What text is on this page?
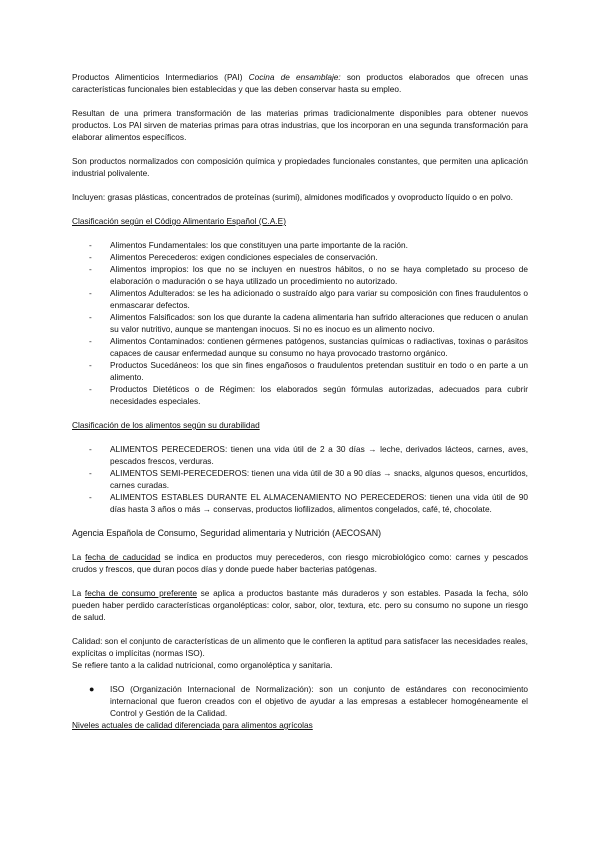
Productos Alimenticios Intermediarios (PAI) Cocina de ensamblaje: son productos elaborados que ofrecen unas características funcionales bien establecidas y que las deben conservar hasta su empleo.

Resultan de una primera transformación de las materias primas tradicionalmente disponibles para obtener nuevos productos. Los PAI sirven de materias primas para otras industrias, que los incorporan en una segunda transformación para elaborar alimentos específicos.

Son productos normalizados con composición química y propiedades funcionales constantes, que permiten una aplicación industrial polivalente.

Incluyen: grasas plásticas, concentrados de proteínas (surimi), almidones modificados y ovoproducto líquido o en polvo.

Clasificación según el Código Alimentario Español (C.A.E)

- Alimentos Fundamentales: los que constituyen una parte importante de la ración.
- Alimentos Perecederos: exigen condiciones especiales de conservación.
- Alimentos impropios: los que no se incluyen en nuestros hábitos, o no se haya completado su proceso de elaboración o maduración o se haya utilizado un procedimiento no autorizado.
- Alimentos Adulterados: se les ha adicionado o sustraído algo para variar su composición con fines fraudulentos o enmascarar defectos.
- Alimentos Falsificados: son los que durante la cadena alimentaria han sufrido alteraciones que reducen o anulan su valor nutritivo, aunque se mantengan inocuos. Si no es inocuo es un alimento nocivo.
- Alimentos Contaminados: contienen gérmenes patógenos, sustancias químicas o radiactivas, toxinas o parásitos capaces de causar enfermedad aunque su consumo no haya provocado trastorno orgánico.
- Productos Sucedáneos: los que sin fines engañosos o fraudulentos pretendan sustituir en todo o en parte a un alimento.
- Productos Dietéticos o de Régimen: los elaborados según fórmulas autorizadas, adecuados para cubrir necesidades especiales.

Clasificación de los alimentos según su durabilidad

- ALIMENTOS PERECEDEROS: tienen una vida útil de 2 a 30 días → leche, derivados lácteos, carnes, aves, pescados frescos, verduras.
- ALIMENTOS SEMI-PERECEDEROS: tienen una vida útil de 30 a 90 días → snacks, algunos quesos, encurtidos, carnes curadas.
- ALIMENTOS ESTABLES DURANTE EL ALMACENAMIENTO NO PERECEDEROS: tienen una vida útil de 90 días hasta 3 años o más → conservas, productos liofilizados, alimentos congelados, café, té, chocolate.

Agencia Española de Consumo, Seguridad alimentaria y Nutrición (AECOSAN)

La fecha de caducidad se indica en productos muy perecederos, con riesgo microbiológico como: carnes y pescados crudos y frescos, que duran pocos días y donde puede haber bacterias patógenas.

La fecha de consumo preferente se aplica a productos bastante más duraderos y son estables. Pasada la fecha, sólo pueden haber perdido características organolépticas: color, sabor, olor, textura, etc. pero su consumo no supone un riesgo de salud.

Calidad: son el conjunto de características de un alimento que le confieren la aptitud para satisfacer las necesidades reales, explícitas o implícitas (normas ISO).

Se refiere tanto a la calidad nutricional, como organoléptica y sanitaria.

● ISO (Organización Internacional de Normalización): son un conjunto de estándares con reconocimiento internacional que fueron creados con el objetivo de ayudar a las empresas a establecer homogéneamente el Control y Gestión de la Calidad.

Niveles actuales de calidad diferenciada para alimentos agrícolas
